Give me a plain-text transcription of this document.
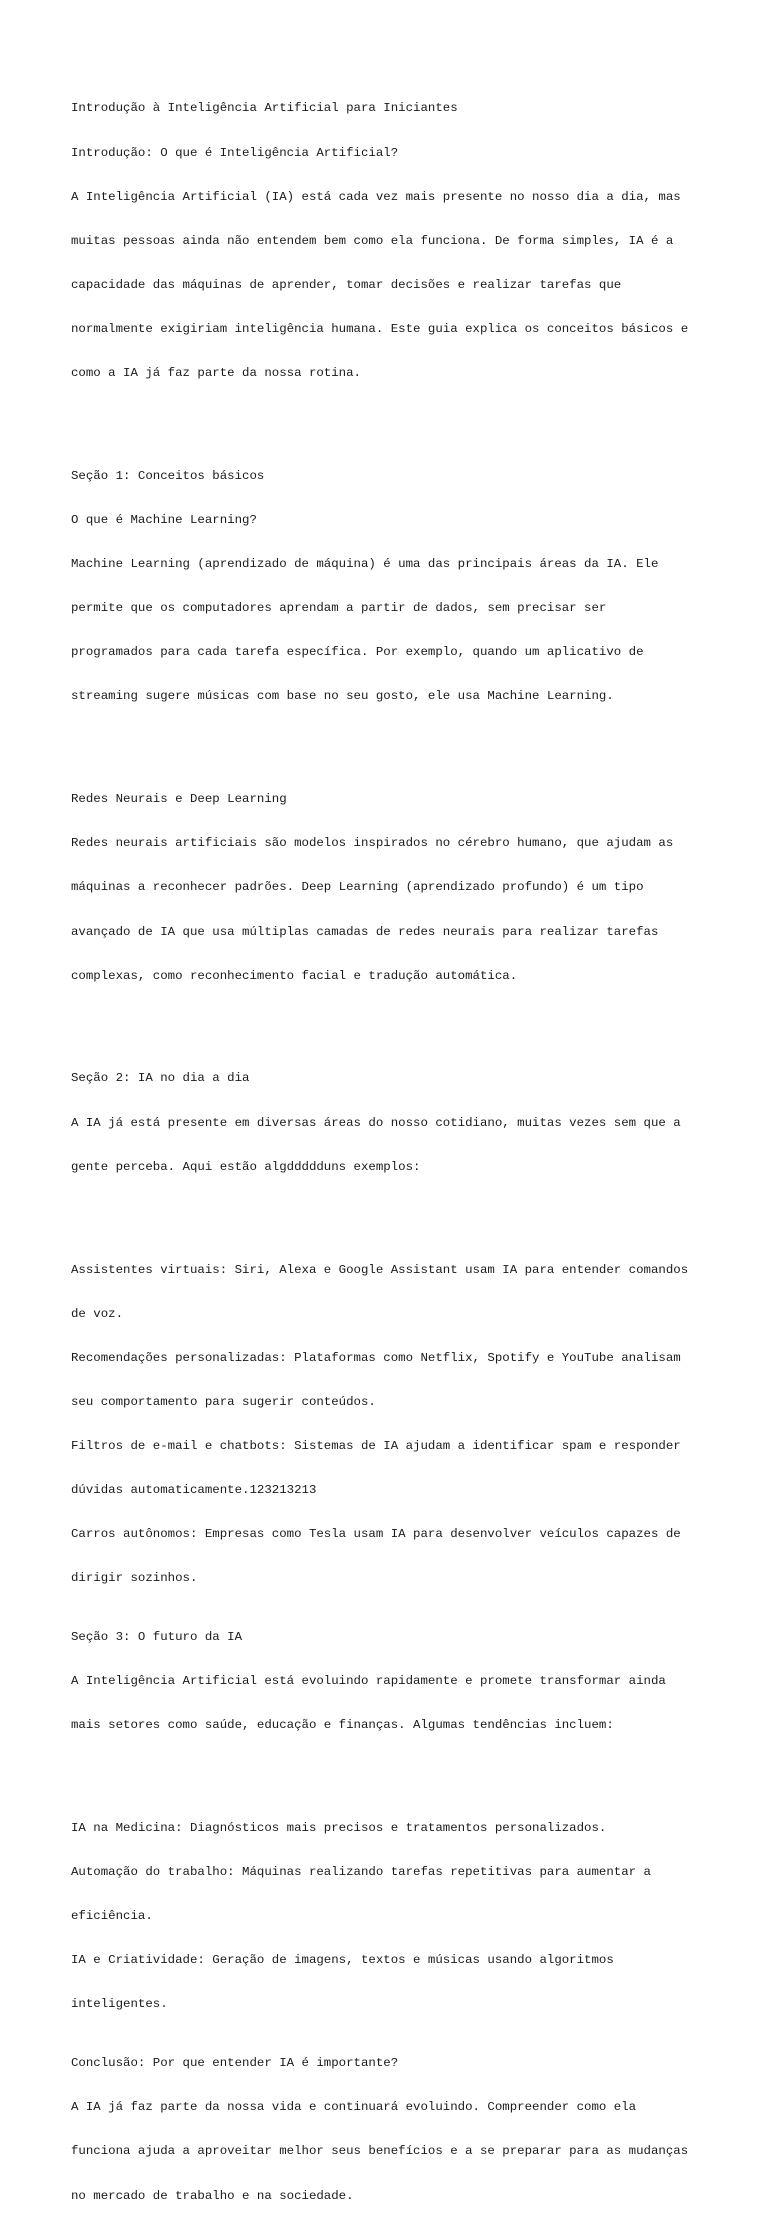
Introdução à Inteligência Artificial para Iniciantes

Introdução: O que é Inteligência Artificial?

A Inteligência Artificial (IA) está cada vez mais presente no nosso dia a dia, mas

muitas pessoas ainda não entendem bem como ela funciona. De forma simples, IA é a

capacidade das máquinas de aprender, tomar decisões e realizar tarefas que

normalmente exigiriam inteligência humana. Este guia explica os conceitos básicos e

como a IA já faz parte da nossa rotina.

Seção 1: Conceitos básicos

O que é Machine Learning?

Machine Learning (aprendizado de máquina) é uma das principais áreas da IA. Ele

permite que os computadores aprendam a partir de dados, sem precisar ser

programados para cada tarefa específica. Por exemplo, quando um aplicativo de

streaming sugere músicas com base no seu gosto, ele usa Machine Learning.

Redes Neurais e Deep Learning

Redes neurais artificiais são modelos inspirados no cérebro humano, que ajudam as

máquinas a reconhecer padrões. Deep Learning (aprendizado profundo) é um tipo

avançado de IA que usa múltiplas camadas de redes neurais para realizar tarefas

complexas, como reconhecimento facial e tradução automática.

Seção 2: IA no dia a dia

A IA já está presente em diversas áreas do nosso cotidiano, muitas vezes sem que a

gente perceba. Aqui estão algddddduns exemplos:

Assistentes virtuais: Siri, Alexa e Google Assistant usam IA para entender comandos

de voz.

Recomendações personalizadas: Plataformas como Netflix, Spotify e YouTube analisam

seu comportamento para sugerir conteúdos.

Filtros de e-mail e chatbots: Sistemas de IA ajudam a identificar spam e responder

dúvidas automaticamente.123213213

Carros autônomos: Empresas como Tesla usam IA para desenvolver veículos capazes de

dirigir sozinhos.

Seção 3: O futuro da IA

A Inteligência Artificial está evoluindo rapidamente e promete transformar ainda

mais setores como saúde, educação e finanças. Algumas tendências incluem:

IA na Medicina: Diagnósticos mais precisos e tratamentos personalizados.

Automação do trabalho: Máquinas realizando tarefas repetitivas para aumentar a

eficiência.

IA e Criatividade: Geração de imagens, textos e músicas usando algoritmos

inteligentes.

Conclusão: Por que entender IA é importante?

A IA já faz parte da nossa vida e continuará evoluindo. Compreender como ela

funciona ajuda a aproveitar melhor seus benefícios e a se preparar para as mudanças

no mercado de trabalho e na sociedade.
